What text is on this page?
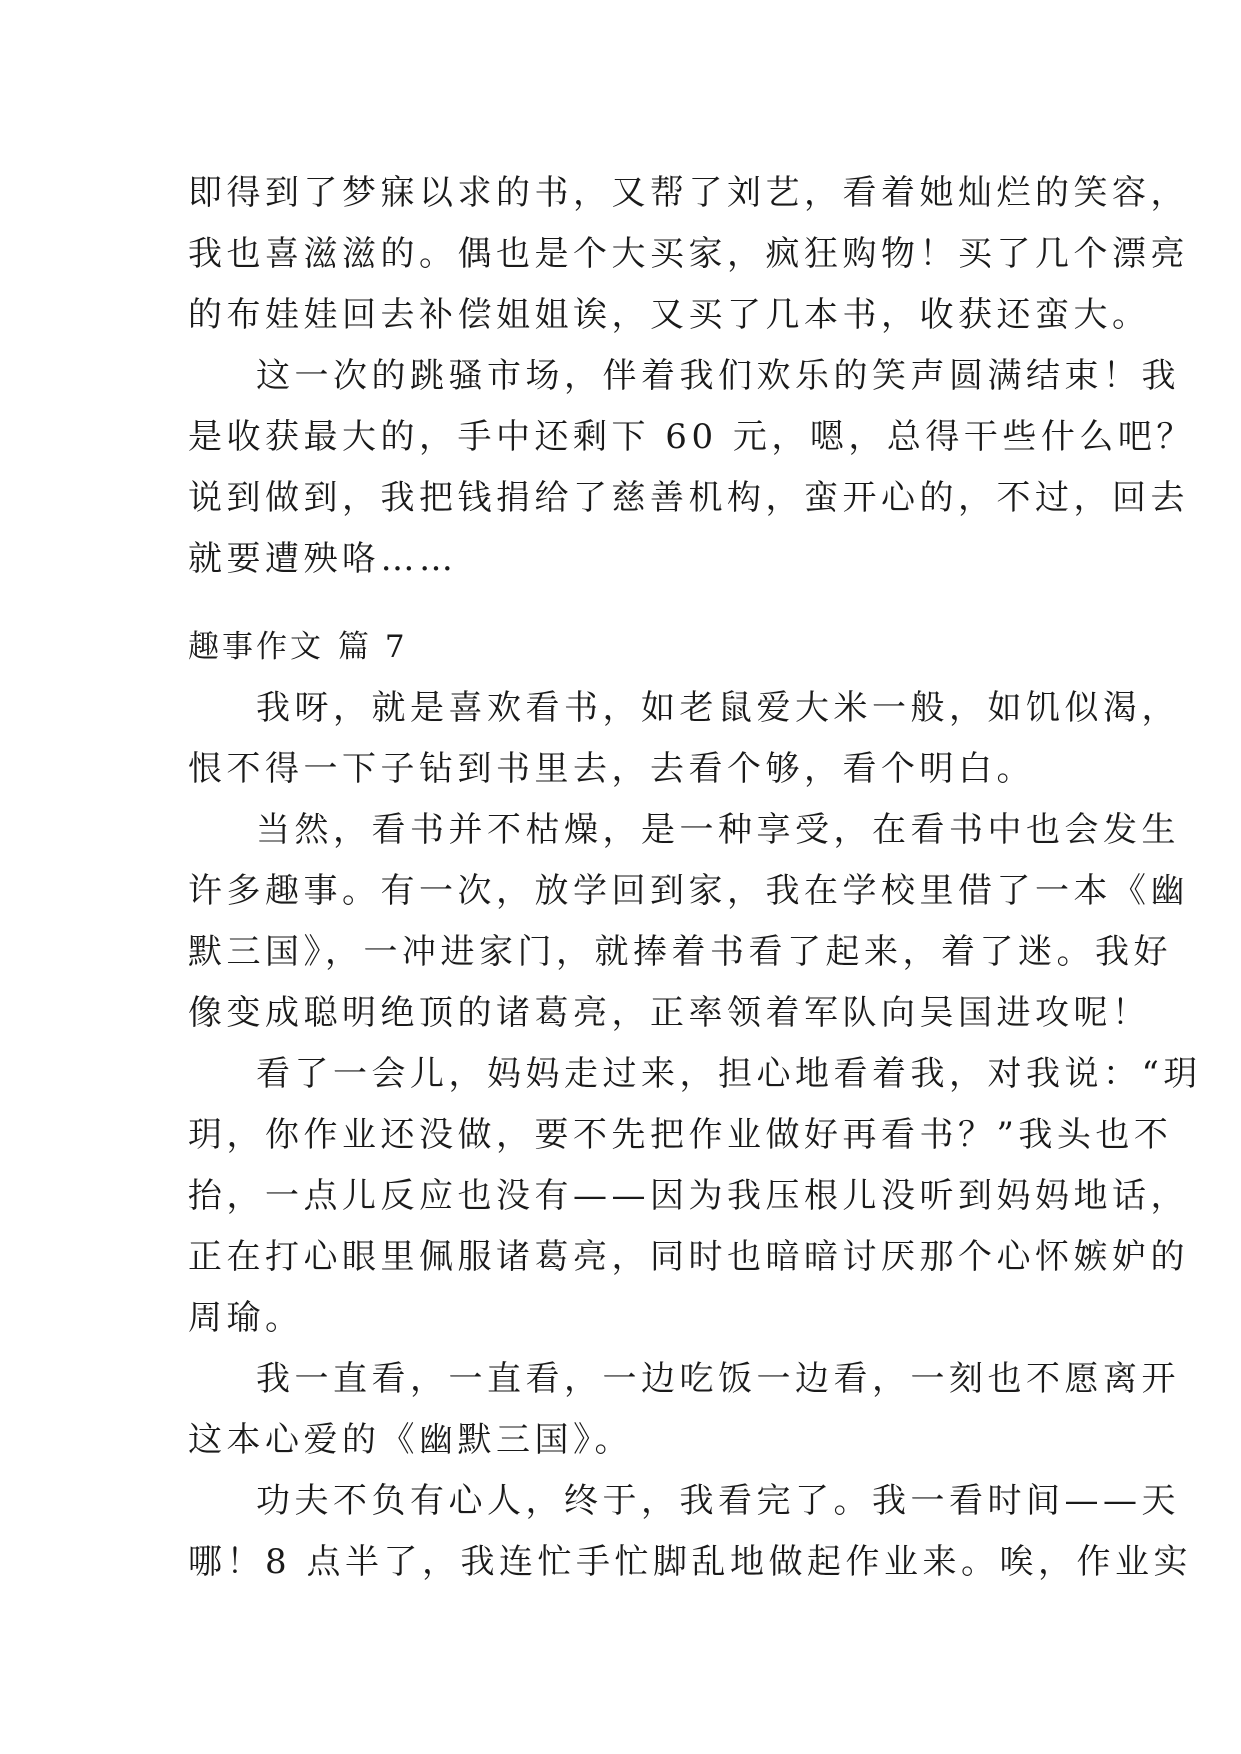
即得到了梦寐以求的书，又帮了刘艺，看着她灿烂的笑容，
我也喜滋滋的。偶也是个大买家，疯狂购物！买了几个漂亮
的布娃娃回去补偿姐姐诶，又买了几本书，收获还蛮大。
这一次的跳骚市场，伴着我们欢乐的笑声圆满结束！我
是收获最大的，手中还剩下 60 元，嗯，总得干些什么吧？
说到做到，我把钱捐给了慈善机构，蛮开心的，不过，回去
就要遭殃咯……
趣事作文 篇 7
我呀，就是喜欢看书，如老鼠爱大米一般，如饥似渴，
恨不得一下子钻到书里去，去看个够，看个明白。
当然，看书并不枯燥，是一种享受，在看书中也会发生
许多趣事。有一次，放学回到家，我在学校里借了一本《幽
默三国》，一冲进家门，就捧着书看了起来，着了迷。我好
像变成聪明绝顶的诸葛亮，正率领着军队向吴国进攻呢！
看了一会儿，妈妈走过来，担心地看着我，对我说：“玥
玥，你作业还没做，要不先把作业做好再看书？”我头也不
抬，一点儿反应也没有——因为我压根儿没听到妈妈地话，
正在打心眼里佩服诸葛亮，同时也暗暗讨厌那个心怀嫉妒的
周瑜。
我一直看，一直看，一边吃饭一边看，一刻也不愿离开
这本心爱的《幽默三国》。
功夫不负有心人，终于，我看完了。我一看时间——天
哪！8 点半了，我连忙手忙脚乱地做起作业来。唉，作业实
